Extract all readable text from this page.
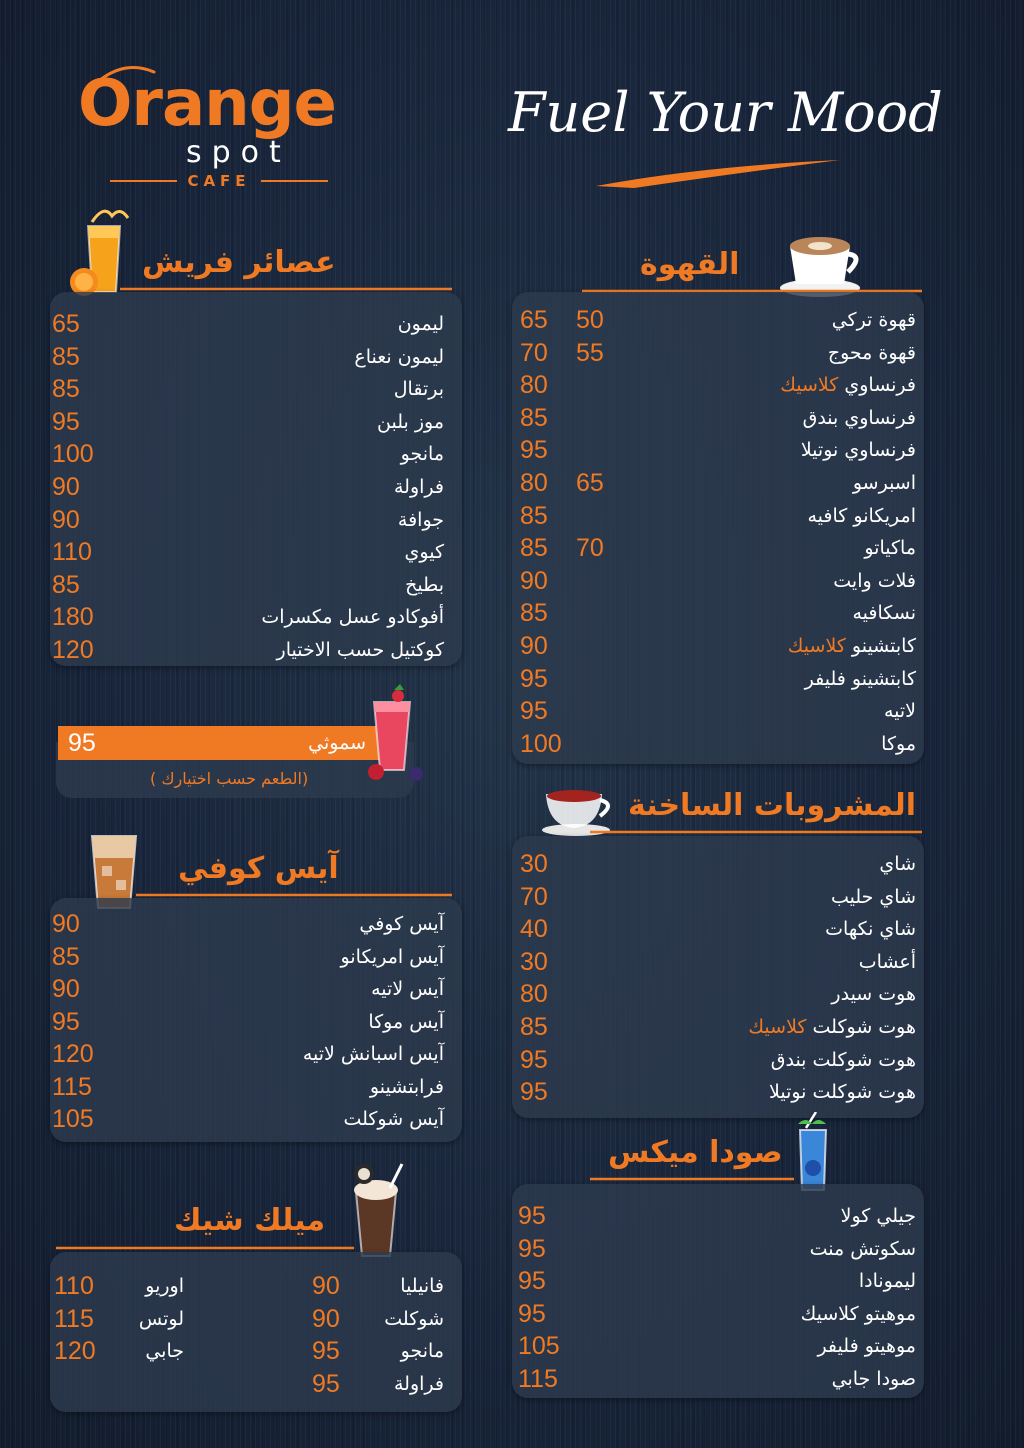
Orange
spot
CAFE
Fuel Your Mood
عصائر فريش
ليمون
65
ليمون نعناع
85
برتقال
85
موز بلبن
95
مانجو
100
فراولة
90
جوافة
90
كيوي
110
بطيخ
85
أفوكادو عسل مكسرات
180
كوكتيل حسب الاختيار
120
سموثي
95
(الطعم حسب اختيارك )
آيس كوفي
آيس كوفي
90
آيس امريكانو
85
آيس لاتيه
90
آيس موكا
95
آيس اسبانش لاتيه
120
فرابتشينو
115
آيس شوكلت
105
ميلك شيك
فانيليا
90
شوكلت
90
مانجو
95
فراولة
95
اوريو
110
لوتس
115
جابي
120
القهوة
قهوة تركي
65 50
قهوة محوج
70 55
فرنساوي كلاسيك
80
فرنساوي بندق
85
فرنساوي نوتيلا
95
اسبرسو
80 65
امريكانو كافيه
85
ماكياتو
85 70
فلات وايت
90
نسكافيه
85
كابتشينو كلاسيك
90
كابتشينو فليفر
95
لاتيه
95
موكا
100
المشروبات الساخنة
شاي
30
شاي حليب
70
شاي نكهات
40
أعشاب
30
هوت سيدر
80
هوت شوكلت كلاسيك
85
هوت شوكلت بندق
95
هوت شوكلت نوتيلا
95
صودا ميكس
جيلي كولا
95
سكوتش منت
95
ليمونادا
95
موهيتو كلاسيك
95
موهيتو فليفر
105
صودا جابي
115
